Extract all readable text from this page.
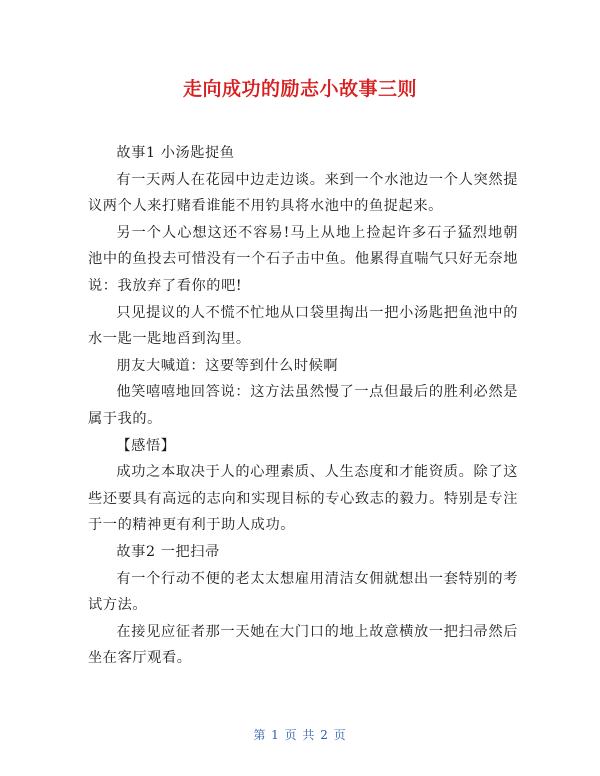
走向成功的励志小故事三则

故事1 小汤匙捉鱼

有一天两人在花园中边走边谈。来到一个水池边一个人突然提议两个人来打赌看谁能不用钓具将水池中的鱼捉起来。

另一个人心想这还不容易!马上从地上捡起许多石子猛烈地朝池中的鱼投去可惜没有一个石子击中鱼。他累得直喘气只好无奈地说：我放弃了看你的吧!

只见提议的人不慌不忙地从口袋里掏出一把小汤匙把鱼池中的水一匙一匙地舀到沟里。

朋友大喊道：这要等到什么时候啊

他笑嘻嘻地回答说：这方法虽然慢了一点但最后的胜利必然是属于我的。

【感悟】

成功之本取决于人的心理素质、人生态度和才能资质。除了这些还要具有高远的志向和实现目标的专心致志的毅力。特别是专注于一的精神更有利于助人成功。

故事2 一把扫帚

有一个行动不便的老太太想雇用清洁女佣就想出一套特别的考试方法。

在接见应征者那一天她在大门口的地上故意横放一把扫帚然后坐在客厅观看。

第 1 页 共 2 页
